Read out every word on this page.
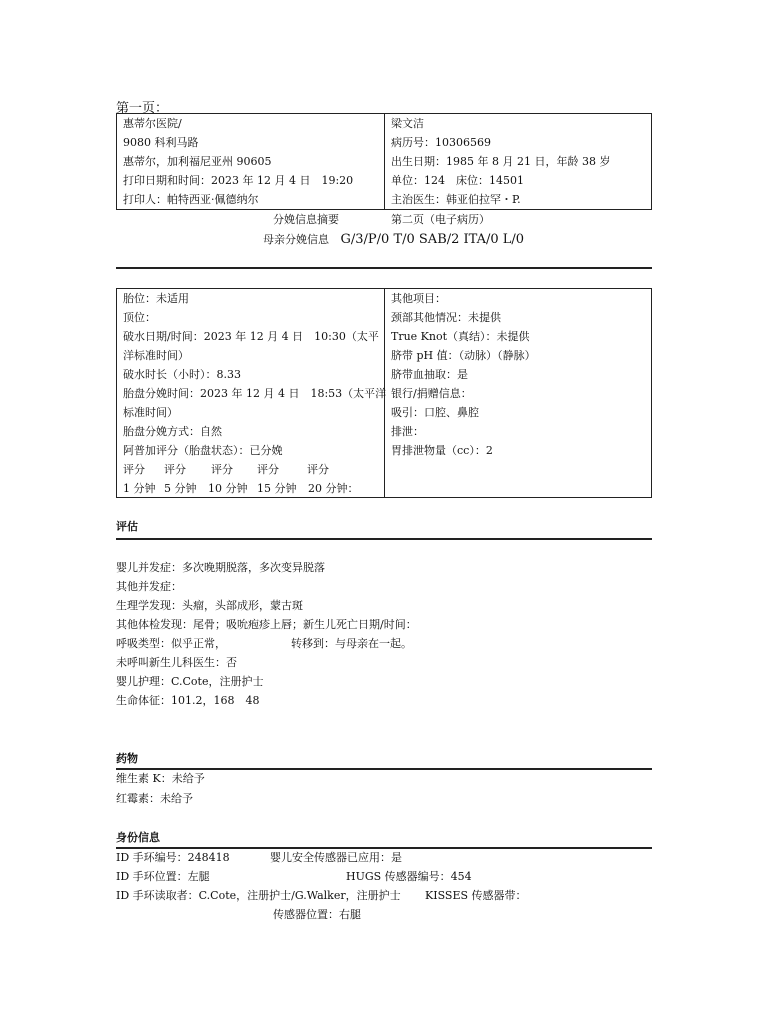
第一页：
惠蒂尔医院/
9080 科利马路
惠蒂尔，加利福尼亚州 90605
打印日期和时间：2023 年 12 月 4 日　19:20
打印人：帕特西亚·佩德纳尔
梁文洁
病历号：10306569
出生日期：1985 年 8 月 21 日，年龄 38 岁
单位：124　床位：14501
主治医生：韩亚伯拉罕・P.
分娩信息摘要	第二页（电子病历）
母亲分娩信息 G/3/P/0 T/0 SAB/2 ITA/0 L/0
胎位：未适用
顶位：
破水日期/时间：2023 年 12 月 4 日　10:30（太平
洋标准时间）
破水时长（小时）：8.33
胎盘分娩时间：2023 年 12 月 4 日　18:53（太平洋
标准时间）
胎盘分娩方式：自然
阿普加评分（胎盘状态）：已分娩
评分 评分 评分 评分	评分
1 分钟 5 分钟 10 分钟 15 分钟 20 分钟：
其他项目：
颈部其他情况：未提供
True Knot（真结）：未提供
脐带 pH 值：（动脉）（静脉）
脐带血抽取：是
银行/捐赠信息：
吸引：口腔、鼻腔
排泄：
胃排泄物量（cc）：2
评估
婴儿并发症：多次晚期脱落，多次变异脱落
其他并发症：
生理学发现：头瘤，头部成形，蒙古斑
其他体检发现：尾骨；吸吮疱疹上唇；新生儿死亡日期/时间：
呼吸类型：似乎正常，	转移到：与母亲在一起。
未呼叫新生儿科医生：否
婴儿护理：C.Cote，注册护士
生命体征：101.2，168　48
药物
维生素 K：未给予
红霉素：未给予
身份信息
ID 手环编号：248418	婴儿安全传感器已应用：是
ID 手环位置：左腿	HUGS 传感器编号：454
ID 手环读取者：C.Cote，注册护士/G.Walker，注册护士 KISSES 传感器带：
传感器位置：右腿
